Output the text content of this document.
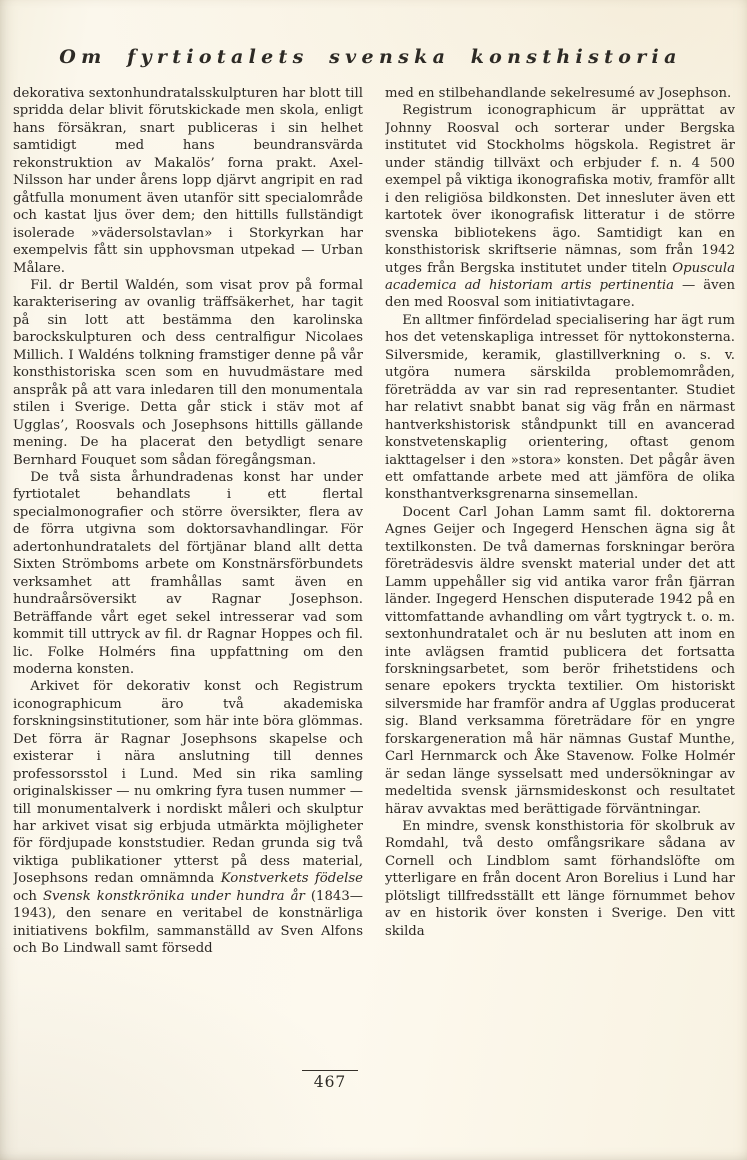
Om fyrtiotalets svenska konsthistoria

dekorativa sextonhundratalsskulpturen har blott till spridda delar blivit förutskickade men skola, enligt hans försäkran, snart publiceras i sin helhet samtidigt med hans beundransvärda rekonstruktion av Makalös’ forna prakt. Axel-Nilsson har under årens lopp djärvt angripit en rad gåtfulla monument även utanför sitt specialområde och kastat ljus över dem; den hittills fullständigt isolerade »vädersolstavlan» i Storkyrkan har exempelvis fått sin upphovsman utpekad — Urban Målare.

Fil. dr Bertil Waldén, som visat prov på formal karakterisering av ovanlig träffsäkerhet, har tagit på sin lott att bestämma den karolinska barockskulpturen och dess centralfigur Nicolaes Millich. I Waldéns tolkning framstiger denne på vår konsthistoriska scen som en huvudmästare med anspråk på att vara inledaren till den monumentala stilen i Sverige. Detta går stick i stäv mot af Ugglas’, Roosvals och Josephsons hittills gällande mening. De ha placerat den betydligt senare Bernhard Fouquet som sådan föregångsman.

De två sista århundradenas konst har under fyrtiotalet behandlats i ett flertal specialmonografier och större översikter, flera av de förra utgivna som doktorsavhandlingar. För adertonhundratalets del förtjänar bland allt detta Sixten Strömboms arbete om Konstnärsförbundets verksamhet att framhållas samt även en hundraårsöversikt av Ragnar Josephson. Beträffande vårt eget sekel intresserar vad som kommit till uttryck av fil. dr Ragnar Hoppes och fil. lic. Folke Holmérs fina uppfattning om den moderna konsten.

Arkivet för dekorativ konst och Registrum iconographicum äro två akademiska forskningsinstitutioner, som här inte böra glömmas. Det förra är Ragnar Josephsons skapelse och existerar i nära anslutning till dennes professorsstol i Lund. Med sin rika samling originalskisser — nu omkring fyra tusen nummer — till monumentalverk i nordiskt måleri och skulptur har arkivet visat sig erbjuda utmärkta möjligheter för fördjupade konststudier. Redan grunda sig två viktiga publikationer ytterst på dess material, Josephsons redan omnämnda Konstverkets födelse och Svensk konstkrönika under hundra år (1843—1943), den senare en veritabel de konstnärliga initiativens bokfilm, sammanställd av Sven Alfons och Bo Lindwall samt försedd

med en stilbehandlande sekelresumé av Josephson.

Registrum iconographicum är upprättat av Johnny Roosval och sorterar under Bergska institutet vid Stockholms högskola. Registret är under ständig tillväxt och erbjuder f. n. 4 500 exempel på viktiga ikonografiska motiv, framför allt i den religiösa bildkonsten. Det innesluter även ett kartotek över ikonografisk litteratur i de större svenska bibliotekens ägo. Samtidigt kan en konsthistorisk skriftserie nämnas, som från 1942 utges från Bergska institutet under titeln Opuscula academica ad historiam artis pertinentia — även den med Roosval som initiativtagare.

En alltmer finfördelad specialisering har ägt rum hos det vetenskapliga intresset för nyttokonsterna. Silversmide, keramik, glastillverkning o. s. v. utgöra numera särskilda problemområden, företrädda av var sin rad representanter. Studiet har relativt snabbt banat sig väg från en närmast hantverkshistorisk ståndpunkt till en avancerad konstvetenskaplig orientering, oftast genom iakttagelser i den »stora» konsten. Det pågår även ett omfattande arbete med att jämföra de olika konsthantverksgrenarna sinsemellan.

Docent Carl Johan Lamm samt fil. doktorerna Agnes Geijer och Ingegerd Henschen ägna sig åt textilkonsten. De två damernas forskningar beröra företrädesvis äldre svenskt material under det att Lamm uppehåller sig vid antika varor från fjärran länder. Ingegerd Henschen disputerade 1942 på en vittomfattande avhandling om vårt tygtryck t. o. m. sextonhundratalet och är nu besluten att inom en inte avlägsen framtid publicera det fortsatta forskningsarbetet, som berör frihetstidens och senare epokers tryckta textilier. Om historiskt silversmide har framför andra af Ugglas producerat sig. Bland verksamma företrädare för en yngre forskargeneration må här nämnas Gustaf Munthe, Carl Hernmarck och Åke Stavenow. Folke Holmér är sedan länge sysselsatt med undersökningar av medeltida svensk järnsmideskonst och resultatet härav avvaktas med berättigade förväntningar.

En mindre, svensk konsthistoria för skolbruk av Romdahl, två desto omfångsrikare sådana av Cornell och Lindblom samt förhandslöfte om ytterligare en från docent Aron Borelius i Lund har plötsligt tillfredsställt ett länge förnummet behov av en historik över konsten i Sverige. Den vitt skilda

467
